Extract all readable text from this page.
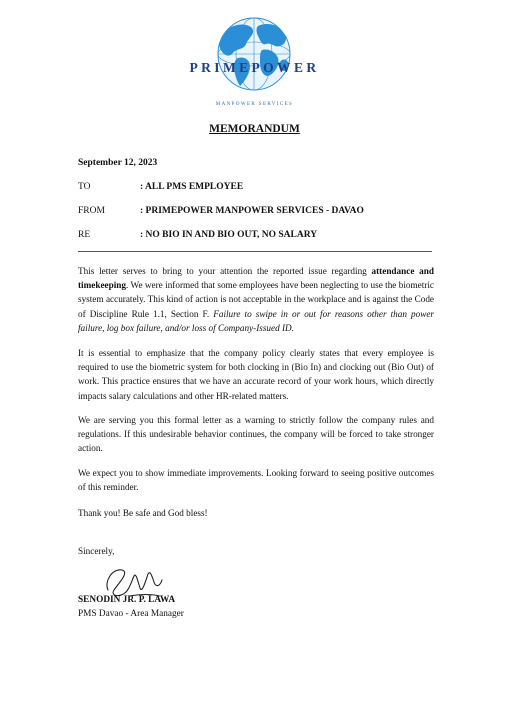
PRIMEPOWER
MANPOWER SERVICES
MEMORANDUM
September 12, 2023
TO	: ALL PMS EMPLOYEE
FROM	: PRIMEPOWER MANPOWER SERVICES - DAVAO
RE	: NO BIO IN AND BIO OUT, NO SALARY

This letter serves to bring to your attention the reported issue regarding attendance and timekeeping. We were informed that some employees have been neglecting to use the biometric system accurately. This kind of action is not acceptable in the workplace and is against the Code of Discipline Rule 1.1, Section F. Failure to swipe in or out for reasons other than power failure, log box failure, and/or loss of Company-Issued ID.

It is essential to emphasize that the company policy clearly states that every employee is required to use the biometric system for both clocking in (Bio In) and clocking out (Bio Out) of work. This practice ensures that we have an accurate record of your work hours, which directly impacts salary calculations and other HR-related matters.

We are serving you this formal letter as a warning to strictly follow the company rules and regulations. If this undesirable behavior continues, the company will be forced to take stronger action.

We expect you to show immediate improvements. Looking forward to seeing positive outcomes of this reminder.

Thank you! Be safe and God bless!

Sincerely,

SENODIN JR. P. LAWA
PMS Davao - Area Manager
